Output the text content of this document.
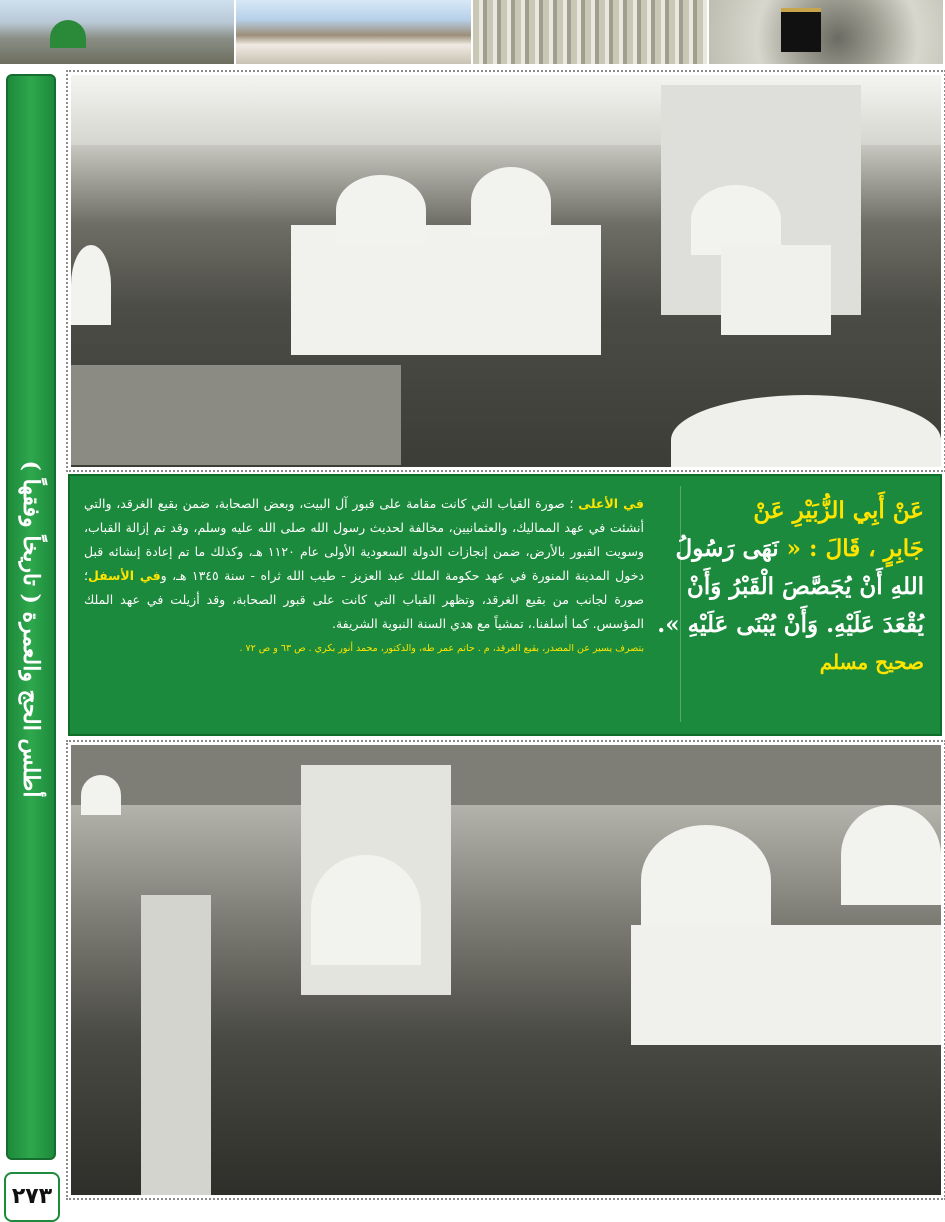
أطلس الحج والعمرة ( تاريخاً وفقهاً )
٢٧٣
في الأعلى ؛ صورة القباب التي كانت مقامة على قبور آل البيت، وبعض الصحابة، ضمن بقيع الغرقد، والتي أنشئت في عهد المماليك، والعثمانيين، مخالفة لحديث رسول الله صلى الله عليه وسلم، وقد تم إزالة القباب، وسويت القبور بالأرض، ضمن إنجازات الدولة السعودية الأولى عام ١١٢٠ هـ، وكذلك ما تم إعادة إنشائه قبل دخول المدينة المنورة في عهد حكومة الملك عبد العزيز - طيب الله ثراه - سنة ١٣٤٥ هـ، وفي الأسفل؛ صورة لجانب من بقيع الغرقد، وتظهر القباب التي كانت على قبور الصحابة، وقد أزيلت في عهد الملك المؤسس. كما أسلفنا.، تمشياً مع هدي السنة النبوية الشريفة.
بتصرف يسير عن المصدر، بقيع الغرقد، م . حاتم عمر طه، والدكتور، محمد أنور بكري . ص ٦٣ و ص ٧٢ .
عَنْ أَبِي الزُّبَيْرِ عَنْ
جَابِرٍ ، قَالَ : « نَهَى رَسُولُ
اللهِ أَنْ يُجَصَّصَ الْقَبْرُ وَأَنْ
يُقْعَدَ عَلَيْهِ. وَأَنْ يُبْنَى عَلَيْهِ ».
صحيح مسلم
